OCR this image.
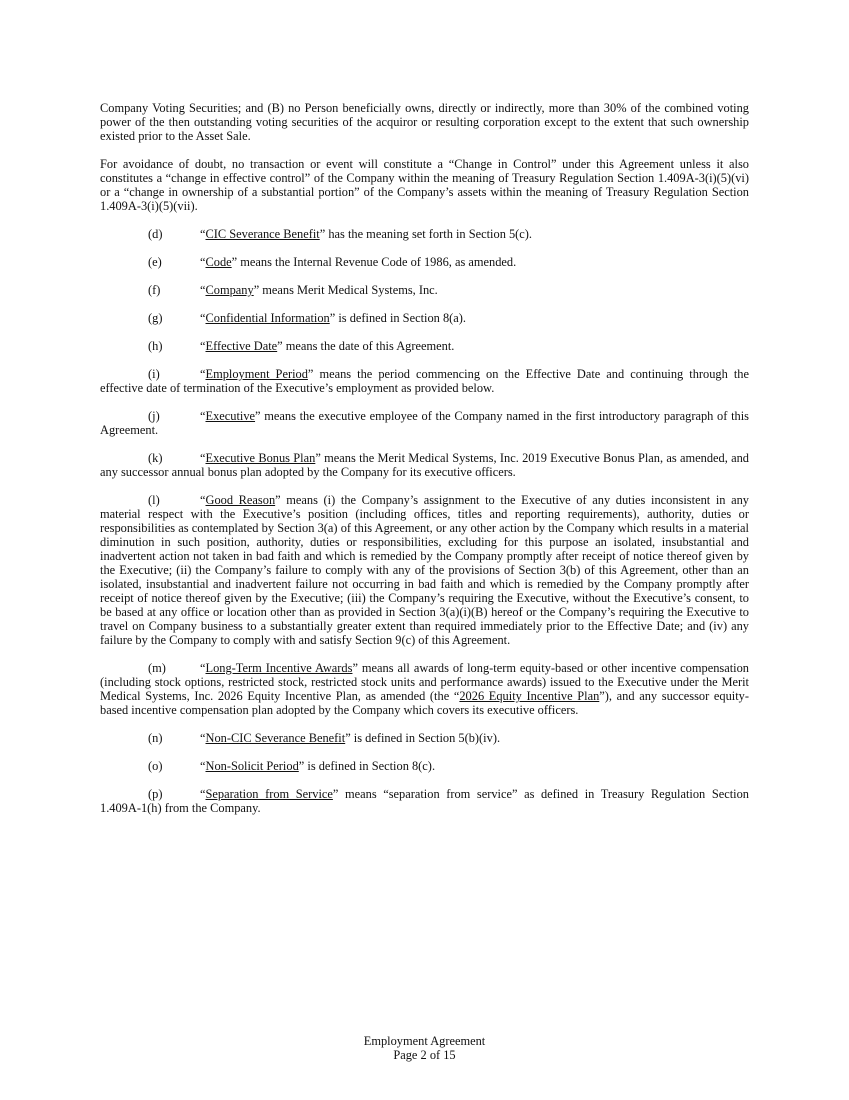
Company Voting Securities; and (B) no Person beneficially owns, directly or indirectly, more than 30% of the combined voting power of the then outstanding voting securities of the acquiror or resulting corporation except to the extent that such ownership existed prior to the Asset Sale.

For avoidance of doubt, no transaction or event will constitute a “Change in Control” under this Agreement unless it also constitutes a “change in effective control” of the Company within the meaning of Treasury Regulation Section 1.409A-3(i)(5)(vi) or a “change in ownership of a substantial portion” of the Company’s assets within the meaning of Treasury Regulation Section 1.409A-3(i)(5)(vii).

(d)	“CIC Severance Benefit” has the meaning set forth in Section 5(c).

(e)	“Code” means the Internal Revenue Code of 1986, as amended.

(f)	“Company” means Merit Medical Systems, Inc.

(g)	“Confidential Information” is defined in Section 8(a).

(h)	“Effective Date” means the date of this Agreement.

(i)	“Employment Period” means the period commencing on the Effective Date and continuing through the effective date of termination of the Executive’s employment as provided below.

(j)	“Executive” means the executive employee of the Company named in the first introductory paragraph of this Agreement.

(k)	“Executive Bonus Plan” means the Merit Medical Systems, Inc. 2019 Executive Bonus Plan, as amended, and any successor annual bonus plan adopted by the Company for its executive officers.

(l)	“Good Reason” means (i) the Company’s assignment to the Executive of any duties inconsistent in any material respect with the Executive’s position (including offices, titles and reporting requirements), authority, duties or responsibilities as contemplated by Section 3(a) of this Agreement, or any other action by the Company which results in a material diminution in such position, authority, duties or responsibilities, excluding for this purpose an isolated, insubstantial and inadvertent action not taken in bad faith and which is remedied by the Company promptly after receipt of notice thereof given by the Executive; (ii) the Company’s failure to comply with any of the provisions of Section 3(b) of this Agreement, other than an isolated, insubstantial and inadvertent failure not occurring in bad faith and which is remedied by the Company promptly after receipt of notice thereof given by the Executive; (iii) the Company’s requiring the Executive, without the Executive’s consent, to be based at any office or location other than as provided in Section 3(a)(i)(B) hereof or the Company’s requiring the Executive to travel on Company business to a substantially greater extent than required immediately prior to the Effective Date; and (iv) any failure by the Company to comply with and satisfy Section 9(c) of this Agreement.

(m)	“Long-Term Incentive Awards” means all awards of long-term equity-based or other incentive compensation (including stock options, restricted stock, restricted stock units and performance awards) issued to the Executive under the Merit Medical Systems, Inc. 2026 Equity Incentive Plan, as amended (the “2026 Equity Incentive Plan”), and any successor equity-based incentive compensation plan adopted by the Company which covers its executive officers.

(n)	“Non-CIC Severance Benefit” is defined in Section 5(b)(iv).

(o)	“Non-Solicit Period” is defined in Section 8(c).

(p)	“Separation from Service” means “separation from service” as defined in Treasury Regulation Section 1.409A-1(h) from the Company.

Employment Agreement
Page 2 of 15
